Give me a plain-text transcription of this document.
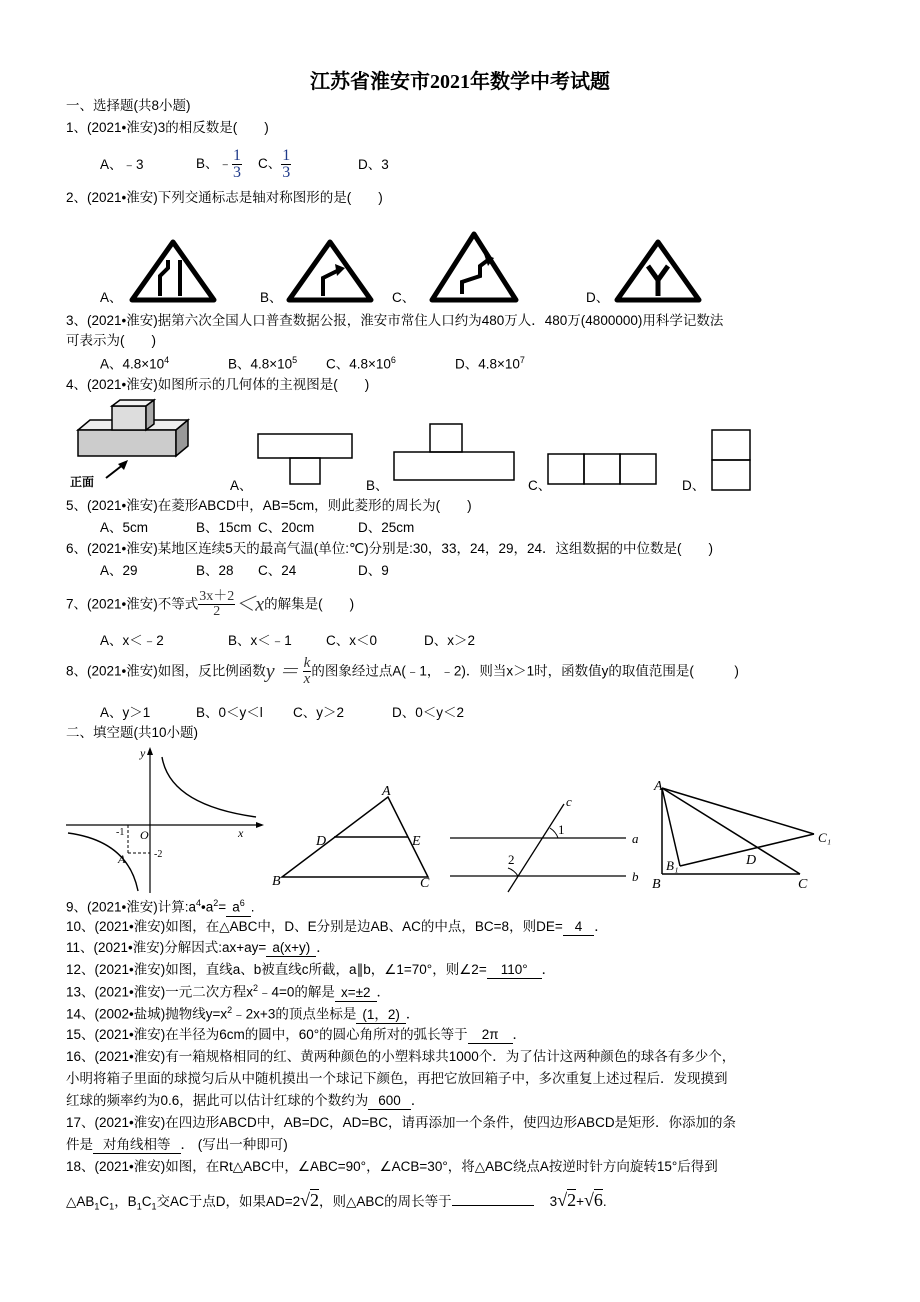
江苏省淮安市2021年数学中考试题
一、选择题(共8小题)
1、(2021•淮安)3的相反数是(　　)
A、﹣3	B、﹣ $\frac{1}{3}$ C、 $\frac{1}{3}$	D、3
2、(2021•淮安)下列交通标志是轴对称图形的是(　　)
A、	B、	C、	D、
3、(2021•淮安)据第六次全国人口普查数据公报，淮安市常住人口约为480万人．480万(4800000)用科学记数法
可表示为(　　)
A、$4.8\times 10^4$	B、$4.8\times 10^5$ C、$4.8\times 10^6$	D、$4.8\times 10^7$
4、(2021•淮安)如图所示的几何体的主视图是(　　)
正面	A、	B、	C、	D、
5、(2021•淮安)在菱形ABCD中，AB=5cm，则此菱形的周长为(　　)
A、5cm	B、15cm C、20cm	D、25cm
6、(2021•淮安)某地区连续5天的最高气温(单位:℃)分别是:30，33，24，29，24．这组数据的中位数是(　　)
A、29	B、28 C、24	D、9
7、(2021•淮安)不等式 $\frac{3x+2}{2} <x$的解集是(　　)
A、x＜﹣2	B、x＜﹣1	C、x＜0	D、x＞2
8、(2021•淮安)如图，反比例函数$y = \frac{k}{x}$ 的图象经过点A(﹣1，﹣2)．则当x＞1时，函数值y的取值范围是(　　　)
A、y＞1	B、0＜y＜l C、y＞2	D、0＜y＜2
二、填空题(共10小题)
y
x
O
A
-1
-2
A
B	C
D	E
c
a
b
1
2
A
B₁
B	C
C₁
D
9、(2021•淮安)计算$:a^4•a^2= a^6$ .
10、(2021•淮安)如图，在△ABC中，D、E分别是边AB、AC的中点，BC=8，则DE= 4 ．
11、(2021•淮安)分解因式:ax+ay= a(x+y) ．
12、(2021•淮安)如图，直线a、b被直线c所截，a∥b，∠1=70°，则∠2= 110° ．
13、(2021•淮安)一元二次方程$x^2﹣4=0$的解是 x=±2 ．
14、(2002•盐城)抛物线$y=x^2﹣2x+3$的顶点坐标是 (1，2) ．
15、(2021•淮安)在半径为6cm的圆中，60°的圆心角所对的弧长等于 2π ．
16、(2021•淮安)有一箱规格相同的红、黄两种颜色的小塑料球共1000个．为了估计这两种颜色的球各有多少个，
小明将箱子里面的球搅匀后从中随机摸出一个球记下颜色，再把它放回箱子中，多次重复上述过程后．发现摸到
红球的频率约为0.6，据此可以估计红球的个数约为 600 ．
17、(2021•淮安)在四边形ABCD中，AB=DC，AD=BC，请再添加一个条件，使四边形ABCD是矩形．你添加的条
件是 对角线相等 ． (写出一种即可)
18、(2021•淮安)如图，在Rt△ABC中，∠ABC=90°，∠ACB=30°，将△ABC绕点A按逆时针方向旋转15°后得到
$\triangle AB_1C_1$，$B_1C_1$交AC于点D，如果AD=2√2，则△ABC的周长等于	3√2+√6.
